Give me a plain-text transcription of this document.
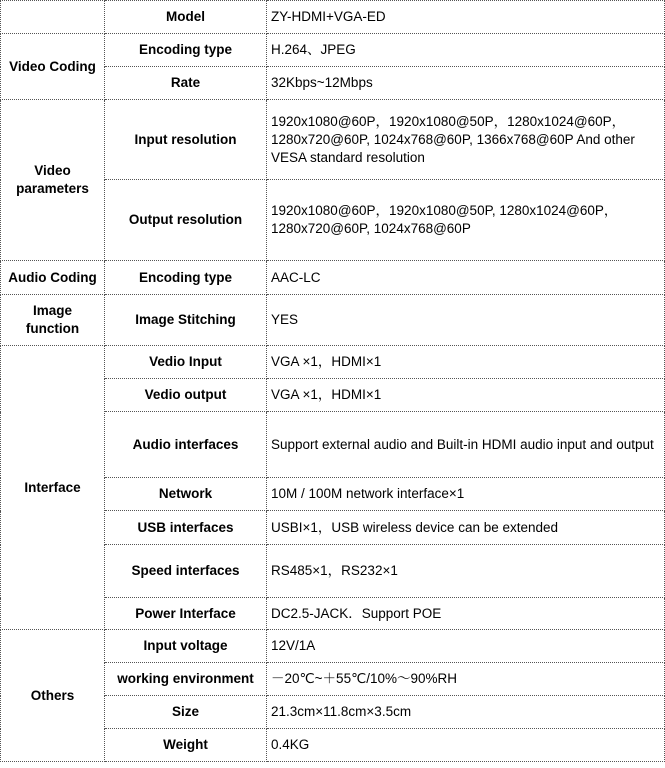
	Model	ZY-HDMI+VGA-ED
Video Coding	Encoding type	H.264、JPEG
	Rate	32Kbps~12Mbps
Video parameters	Input resolution	1920x1080@60P，1920x1080@50P，1280x1024@60P，1280x720@60P, 1024x768@60P, 1366x768@60P And other VESA standard resolution
	Output resolution	1920x1080@60P，1920x1080@50P, 1280x1024@60P，1280x720@60P, 1024x768@60P
Audio Coding	Encoding type	AAC-LC
Image function	Image Stitching	YES
Interface	Vedio Input	VGA ×1，HDMI×1
	Vedio output	VGA ×1，HDMI×1
	Audio interfaces	Support external audio and Built-in HDMI audio input and output
	Network	10M / 100M network interface×1
	USB interfaces	USBI×1，USB wireless device can be extended
	Speed interfaces	RS485×1，RS232×1
	Power Interface	DC2.5-JACK．Support POE
Others	Input voltage	12V/1A
	working environment	－20℃~＋55℃/10%～90%RH
	Size	21.3cm×11.8cm×3.5cm
	Weight	0.4KG
